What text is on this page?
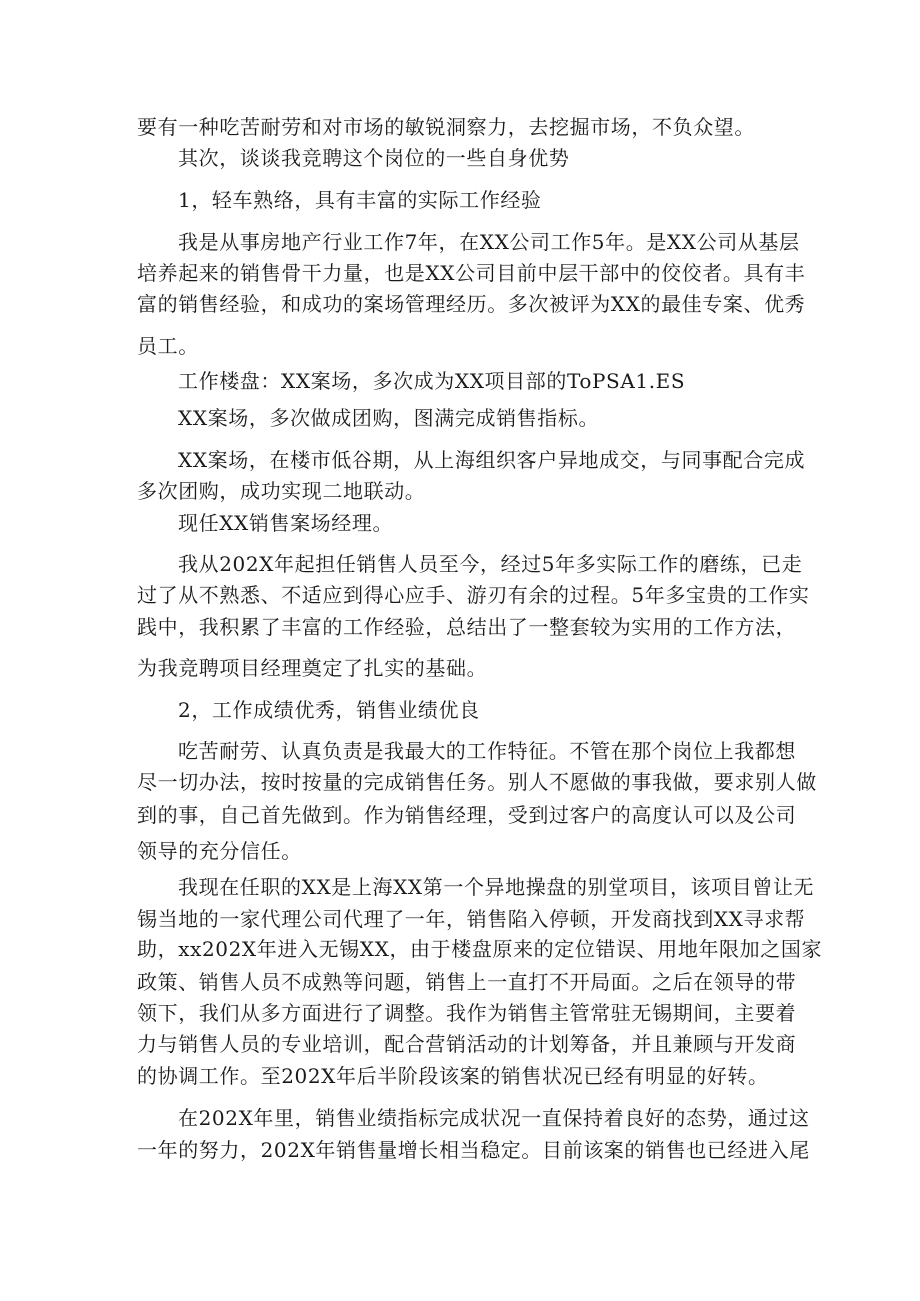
要有一种吃苦耐劳和对市场的敏锐洞察力，去挖掘市场，不负众望。
其次，谈谈我竞聘这个岗位的一些自身优势
1，轻车熟络，具有丰富的实际工作经验
我是从事房地产行业工作7年，在XX公司工作5年。是XX公司从基层
培养起来的销售骨干力量，也是XX公司目前中层干部中的佼佼者。具有丰
富的销售经验，和成功的案场管理经历。多次被评为XX的最佳专案、优秀
员工。
工作楼盘：XX案场，多次成为XX项目部的ToPSA1.ES
XX案场，多次做成团购，图满完成销售指标。
XX案场，在楼市低谷期，从上海组织客户异地成交，与同事配合完成
多次团购，成功实现二地联动。
现任XX销售案场经理。
我从202X年起担任销售人员至今，经过5年多实际工作的磨练，已走
过了从不熟悉、不适应到得心应手、游刃有余的过程。5年多宝贵的工作实
践中，我积累了丰富的工作经验，总结出了一整套较为实用的工作方法，
为我竞聘项目经理奠定了扎实的基础。
2，工作成绩优秀，销售业绩优良
吃苦耐劳、认真负责是我最大的工作特征。不管在那个岗位上我都想
尽一切办法，按时按量的完成销售任务。别人不愿做的事我做，要求别人做
到的事，自己首先做到。作为销售经理，受到过客户的高度认可以及公司
领导的充分信任。
我现在任职的XX是上海XX第一个异地操盘的别堂项目，该项目曾让无
锡当地的一家代理公司代理了一年，销售陷入停顿，开发商找到XX寻求帮
助，xx202X年进入无锡XX，由于楼盘原来的定位错误、用地年限加之国家
政策、销售人员不成熟等问题，销售上一直打不开局面。之后在领导的带
领下，我们从多方面进行了调整。我作为销售主管常驻无锡期间，主要着
力与销售人员的专业培训，配合营销活动的计划筹备，并且兼顾与开发商
的协调工作。至202X年后半阶段该案的销售状况已经有明显的好转。
在202X年里，销售业绩指标完成状况一直保持着良好的态势，通过这
一年的努力，202X年销售量增长相当稳定。目前该案的销售也已经进入尾
